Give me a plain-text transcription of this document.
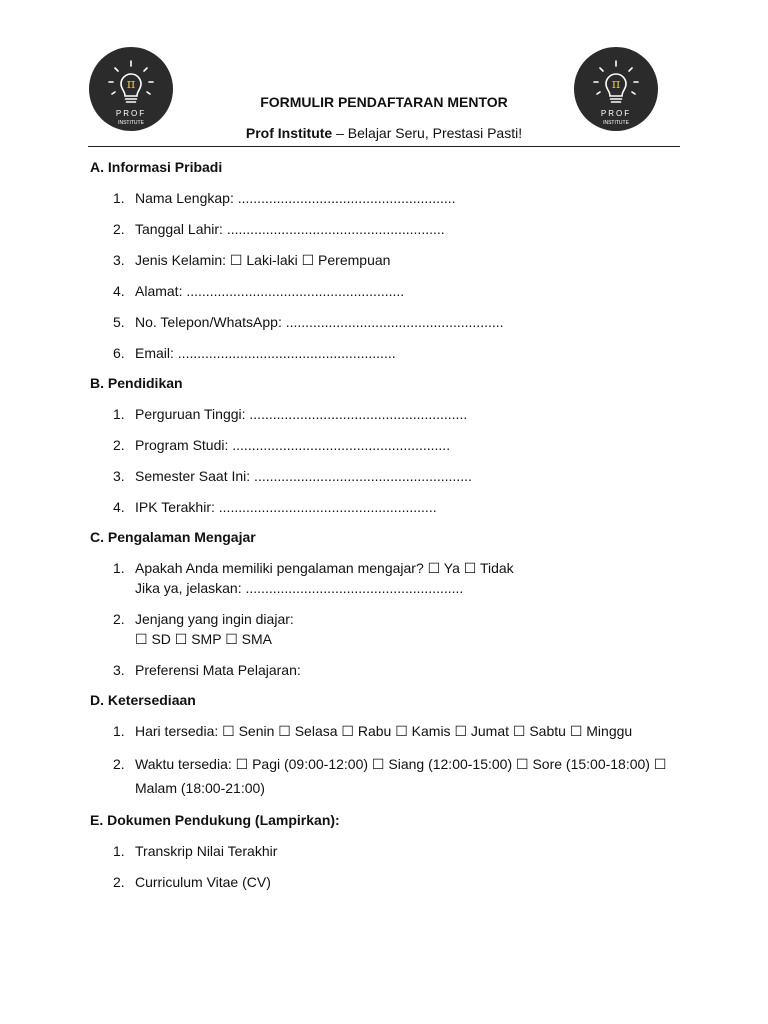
π
PROF
INSTITUTE
π
PROF
INSTITUTE
FORMULIR PENDAFTARAN MENTOR
Prof Institute – Belajar Seru, Prestasi Pasti!
A. Informasi Pribadi
1. Nama Lengkap: ........................................................
2. Tanggal Lahir: ........................................................
3. Jenis Kelamin: ☐ Laki-laki ☐ Perempuan
4. Alamat: ........................................................
5. No. Telepon/WhatsApp: ........................................................
6. Email: ........................................................
B. Pendidikan
1. Perguruan Tinggi: ........................................................
2. Program Studi: ........................................................
3. Semester Saat Ini: ........................................................
4. IPK Terakhir: ........................................................
C. Pengalaman Mengajar
1. Apakah Anda memiliki pengalaman mengajar? ☐ Ya ☐ Tidak
Jika ya, jelaskan: ........................................................
2. Jenjang yang ingin diajar:
☐ SD ☐ SMP ☐ SMA
3. Preferensi Mata Pelajaran:
D. Ketersediaan
1. Hari tersedia: ☐ Senin ☐ Selasa ☐ Rabu ☐ Kamis ☐ Jumat ☐ Sabtu ☐ Minggu
2. Waktu tersedia: ☐ Pagi (09:00-12:00) ☐ Siang (12:00-15:00) ☐ Sore (15:00-18:00) ☐ Malam (18:00-21:00)
E. Dokumen Pendukung (Lampirkan):
1. Transkrip Nilai Terakhir
2. Curriculum Vitae (CV)
